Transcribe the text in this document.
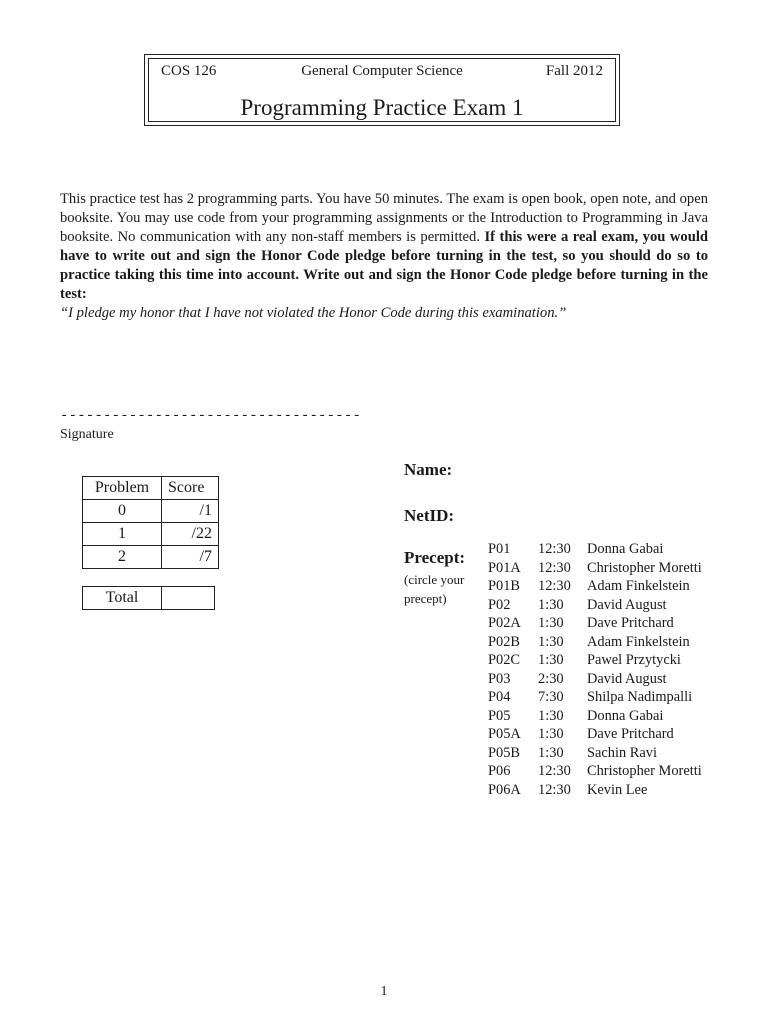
COS 126	General Computer Science	Fall 2012
Programming Practice Exam 1
This practice test has 2 programming parts. You have 50 minutes. The exam is open book, open note, and open booksite. You may use code from your programming assignments or the Introduction to Programming in Java booksite. No communication with any non-staff members is permitted. If this were a real exam, you would have to write out and sign the Honor Code pledge before turning in the test, so you should do so to practice taking this time into account. Write out and sign the Honor Code pledge before turning in the test:
“I pledge my honor that I have not violated the Honor Code during this examination.”
-----------------------------------
Signature
Problem	Score
0	/1
1	/22
2	/7
Total	
Name:
NetID:
Precept:
(circle your precept)
P01	12:30	Donna Gabai
P01A	12:30	Christopher Moretti
P01B	12:30	Adam Finkelstein
P02	1:30	David August
P02A	1:30	Dave Pritchard
P02B	1:30	Adam Finkelstein
P02C	1:30	Pawel Przytycki
P03	2:30	David August
P04	7:30	Shilpa Nadimpalli
P05	1:30	Donna Gabai
P05A	1:30	Dave Pritchard
P05B	1:30	Sachin Ravi
P06	12:30	Christopher Moretti
P06A	12:30	Kevin Lee
1
